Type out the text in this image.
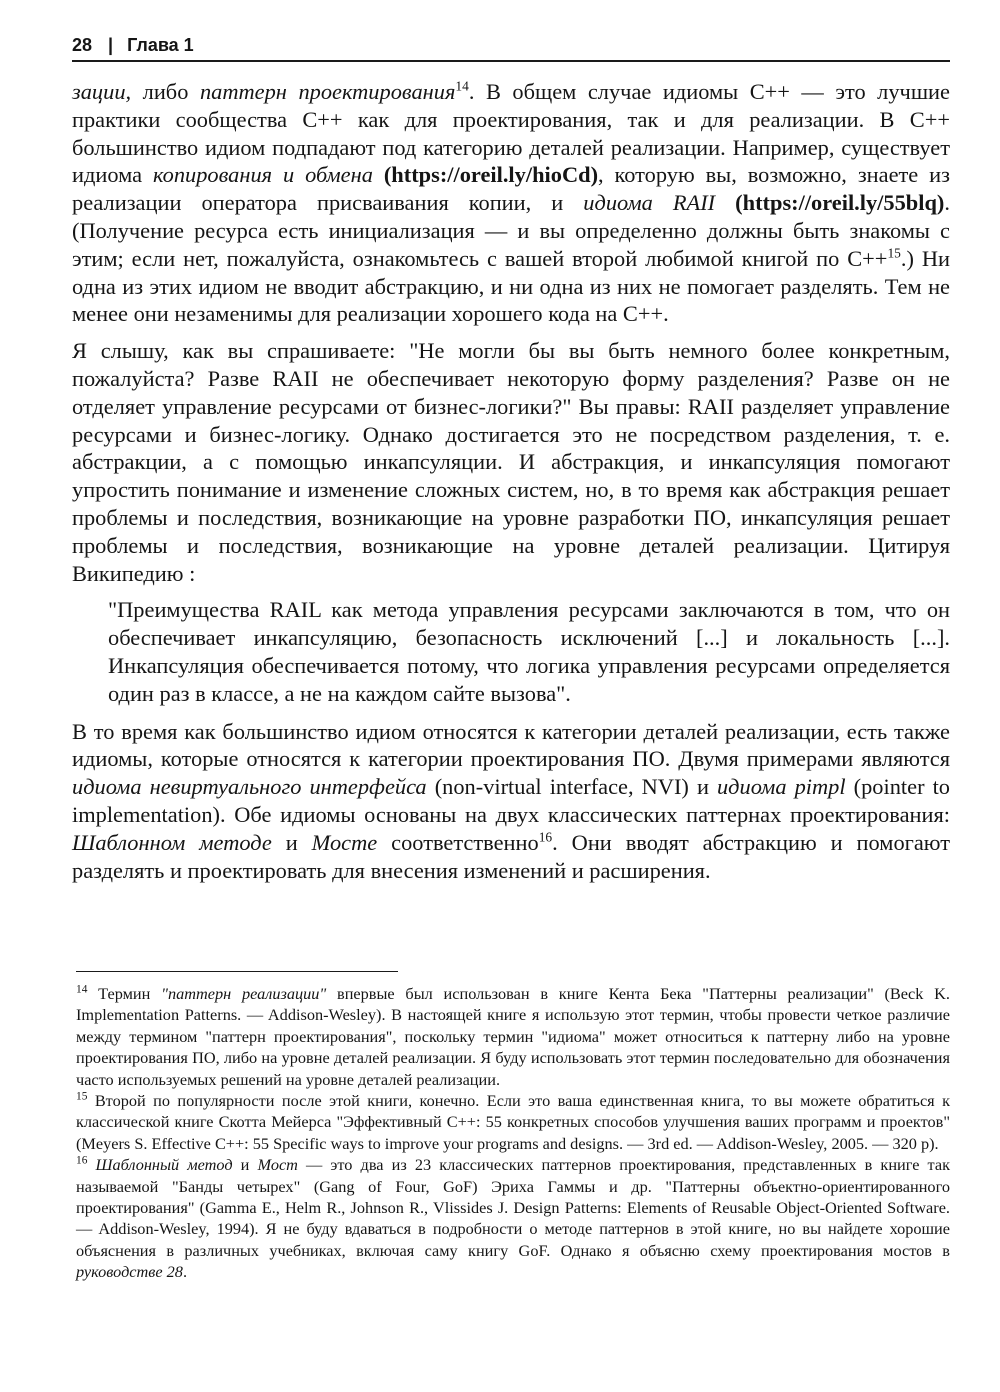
28 | Глава 1

зации, либо паттерн проектирования$^{14}$. В общем случае идиомы C++ — это лучшие практики сообщества C++ как для проектирования, так и для реализации. В C++ большинство идиом подпадают под категорию деталей реализации. Например, существует идиома копирования и обмена (https://oreil.ly/hioCd), которую вы, возможно, знаете из реализации оператора присваивания копии, и идиома RAII (https://oreil.ly/55blq). (Получение ресурса есть инициализация — и вы определенно должны быть знакомы с этим; если нет, пожалуйста, ознакомьтесь с вашей второй любимой книгой по C++$^{15}$.) Ни одна из этих идиом не вводит абстракцию, и ни одна из них не помогает разделять. Тем не менее они незаменимы для реализации хорошего кода на C++.

Я слышу, как вы спрашиваете: "Не могли бы вы быть немного более конкретным, пожалуйста? Разве RAII не обеспечивает некоторую форму разделения? Разве он не отделяет управление ресурсами от бизнес-логики?" Вы правы: RAII разделяет управление ресурсами и бизнес-логику. Однако достигается это не посредством разделения, т. е. абстракции, а с помощью инкапсуляции. И абстракция, и инкапсуляция помогают упростить понимание и изменение сложных систем, но, в то время как абстракция решает проблемы и последствия, возникающие на уровне разработки ПО, инкапсуляция решает проблемы и последствия, возникающие на уровне деталей реализации. Цитируя Википедию :

"Преимущества RAIL как метода управления ресурсами заключаются в том, что он обеспечивает инкапсуляцию, безопасность исключений [...] и локальность [...]. Инкапсуляция обеспечивается потому, что логика управления ресурсами определяется один раз в классе, а не на каждом сайте вызова".

В то время как большинство идиом относятся к категории деталей реализации, есть также идиомы, которые относятся к категории проектирования ПО. Двумя примерами являются идиома невиртуального интерфейса (non-virtual interface, NVI) и идиома pimpl (pointer to implementation). Обе идиомы основаны на двух классических паттернах проектирования: Шаблонном методе и Мосте соответственно$^{16}$. Они вводят абстракцию и помогают разделять и проектировать для внесения изменений и расширения.

$^{14}$ Термин "паттерн реализации" впервые был использован в книге Кента Бека "Паттерны реализации" (Beck K. Implementation Patterns. — Addison-Wesley). В настоящей книге я использую этот термин, чтобы провести четкое различие между термином "паттерн проектирования", поскольку термин "идиома" может относиться к паттерну либо на уровне проектирования ПО, либо на уровне деталей реализации. Я буду использовать этот термин последовательно для обозначения часто используемых решений на уровне деталей реализации.

$^{15}$ Второй по популярности после этой книги, конечно. Если это ваша единственная книга, то вы можете обратиться к классической книге Скотта Мейерса "Эффективный C++: 55 конкретных способов улучшения ваших программ и проектов" (Meyers S. Effective C++: 55 Specific ways to improve your programs and designs. — 3rd ed. — Addison-Wesley, 2005. — 320 p).

$^{16}$ Шаблонный метод и Мост — это два из 23 классических паттернов проектирования, представленных в книге так называемой "Банды четырех" (Gang of Four, GoF) Эриха Гаммы и др. "Паттерны объектно-ориентированного проектирования" (Gamma E., Helm R., Johnson R., Vlissides J. Design Patterns: Elements of Reusable Object-Oriented Software. — Addison-Wesley, 1994). Я не буду вдаваться в подробности о методе паттернов в этой книге, но вы найдете хорошие объяснения в различных учебниках, включая саму книгу GoF. Однако я объясню схему проектирования мостов в руководстве 28.
